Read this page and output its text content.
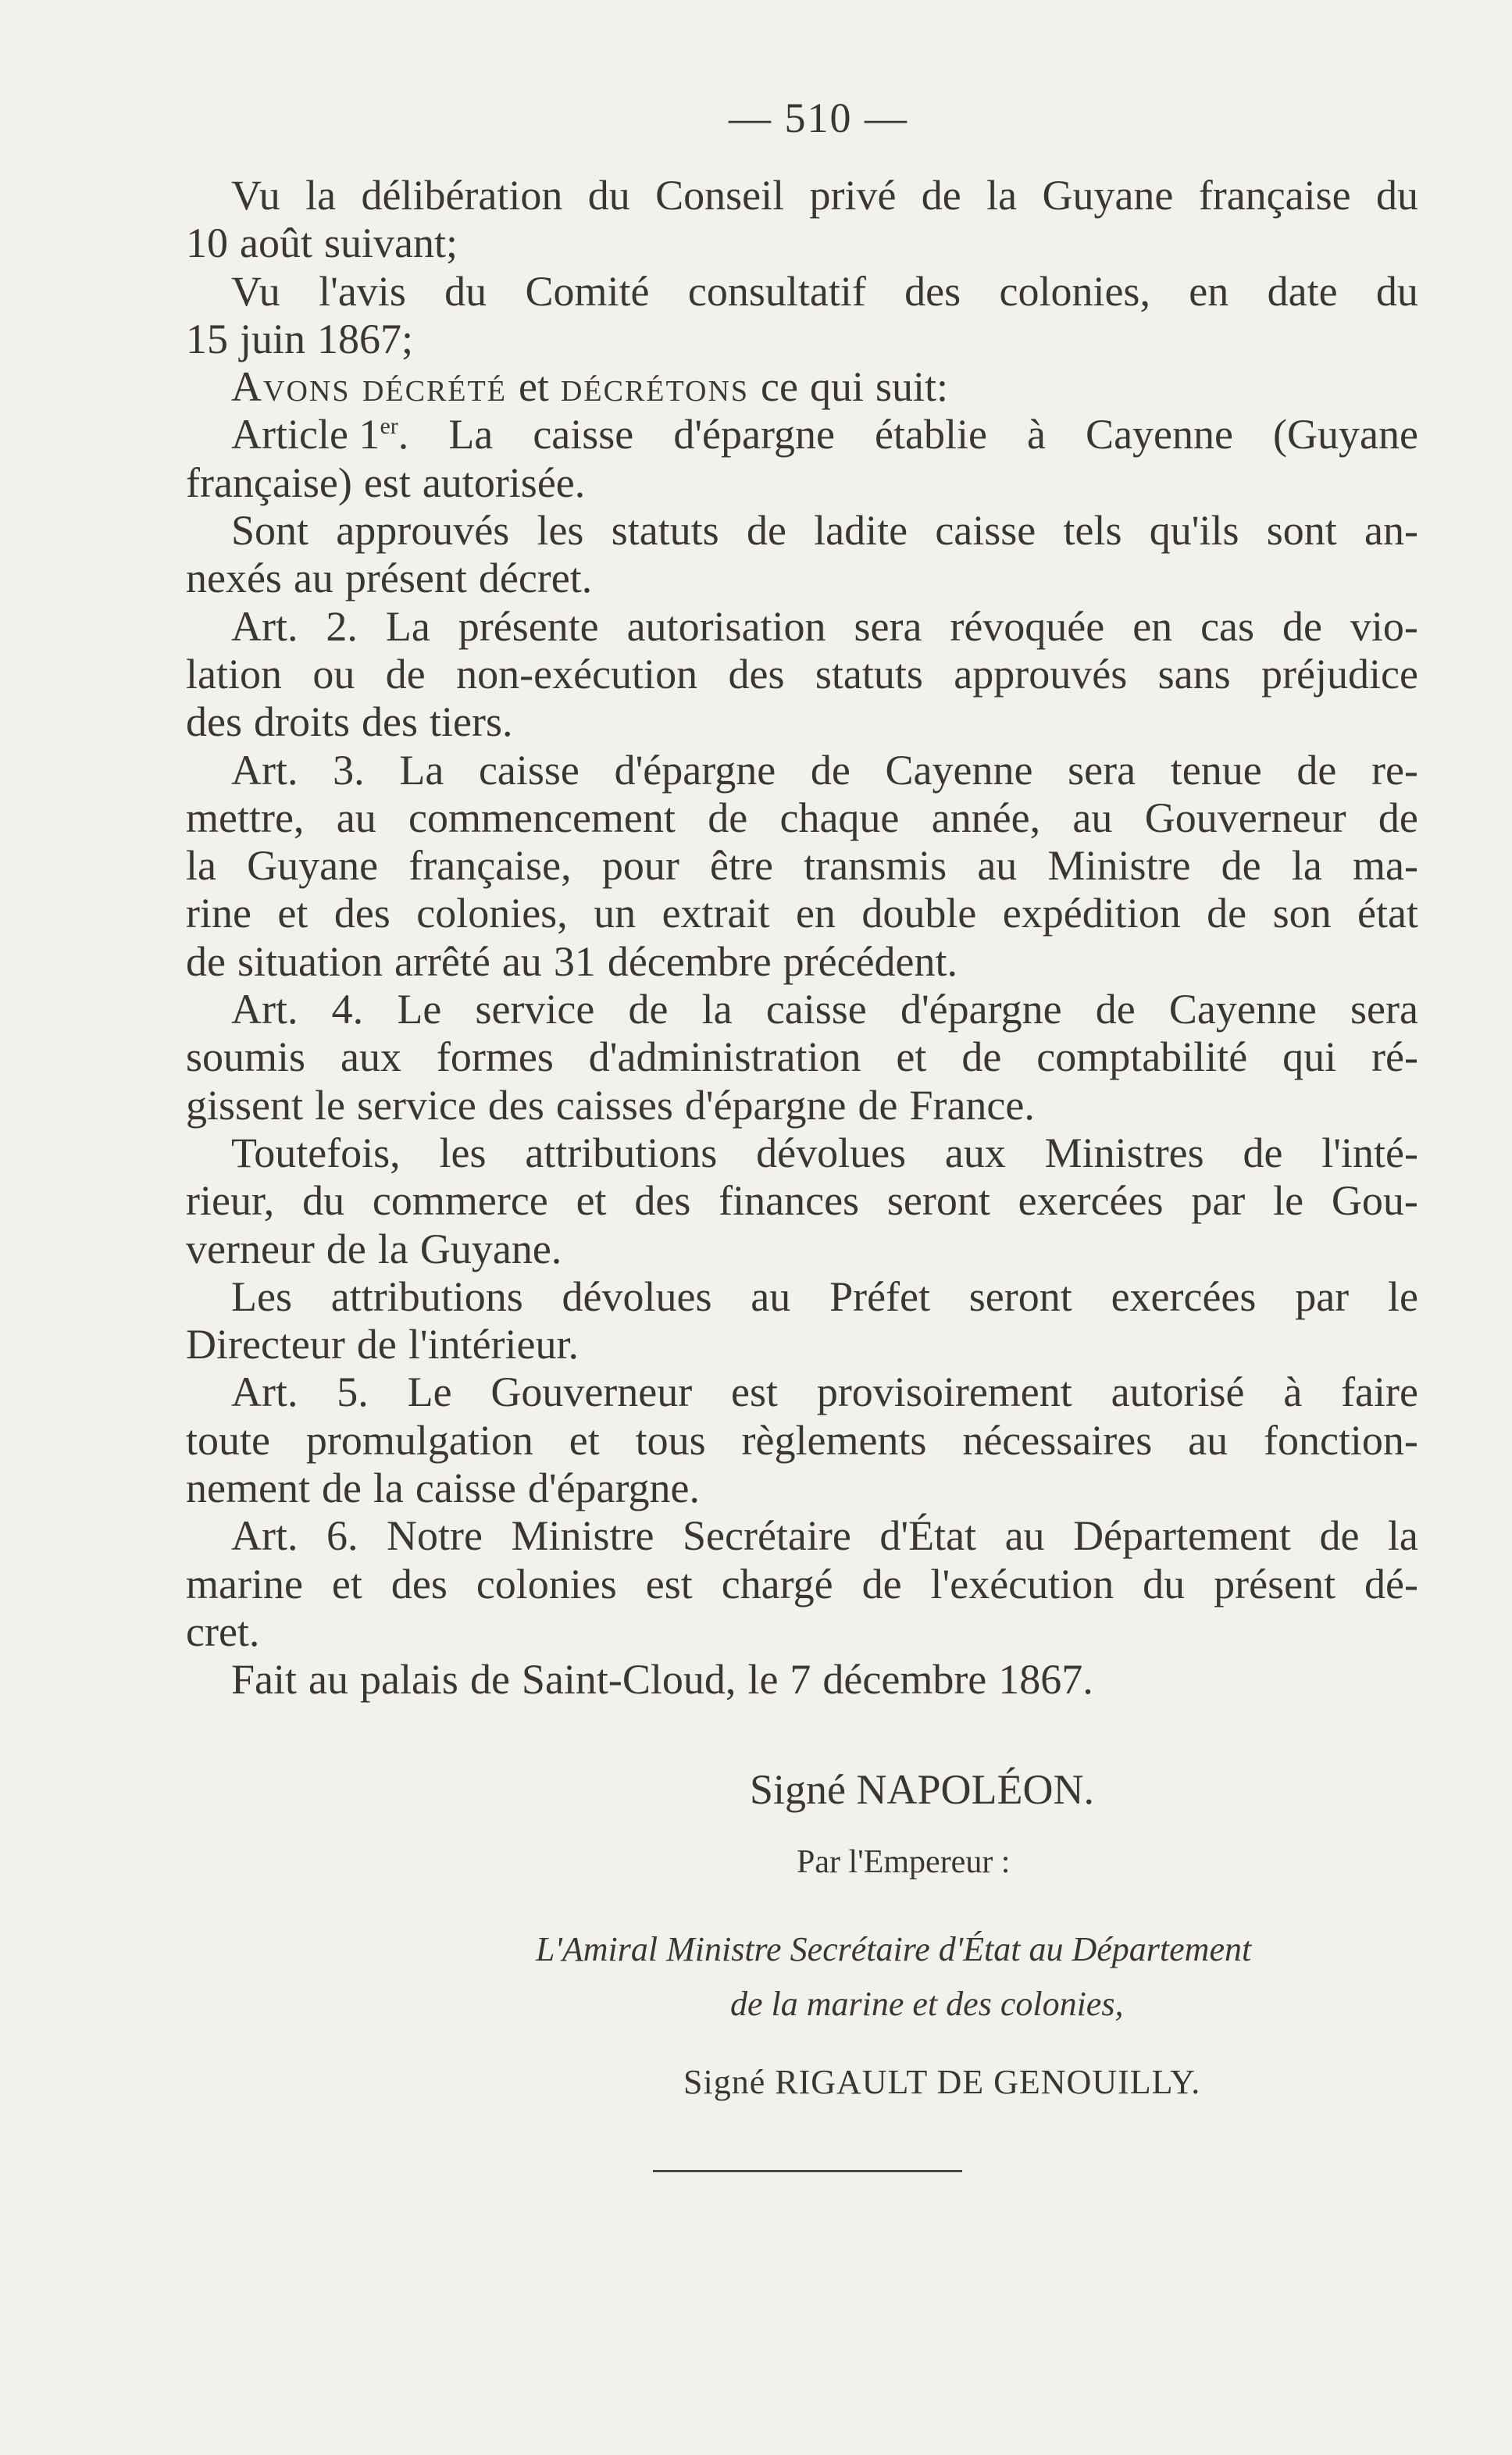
— 510 —
Vu la délibération du Conseil privé de la Guyane française du
10 août suivant;
Vu l'avis du Comité consultatif des colonies, en date du
15 juin 1867;
Avons décrété et décrétons ce qui suit:
Article 1er. La caisse d'épargne établie à Cayenne (Guyane
française) est autorisée.
Sont approuvés les statuts de ladite caisse tels qu'ils sont an-
nexés au présent décret.
Art. 2. La présente autorisation sera révoquée en cas de vio-
lation ou de non-exécution des statuts approuvés sans préjudice
des droits des tiers.
Art. 3. La caisse d'épargne de Cayenne sera tenue de re-
mettre, au commencement de chaque année, au Gouverneur de
la Guyane française, pour être transmis au Ministre de la ma-
rine et des colonies, un extrait en double expédition de son état
de situation arrêté au 31 décembre précédent.
Art. 4. Le service de la caisse d'épargne de Cayenne sera
soumis aux formes d'administration et de comptabilité qui ré-
gissent le service des caisses d'épargne de France.
Toutefois, les attributions dévolues aux Ministres de l'inté-
rieur, du commerce et des finances seront exercées par le Gou-
verneur de la Guyane.
Les attributions dévolues au Préfet seront exercées par le
Directeur de l'intérieur.
Art. 5. Le Gouverneur est provisoirement autorisé à faire
toute promulgation et tous règlements nécessaires au fonction-
nement de la caisse d'épargne.
Art. 6. Notre Ministre Secrétaire d'État au Département de la
marine et des colonies est chargé de l'exécution du présent dé-
cret.
Fait au palais de Saint-Cloud, le 7 décembre 1867.
Signé NAPOLÉON.
Par l'Empereur :
L'Amiral Ministre Secrétaire d'État au Département
de la marine et des colonies,
Signé RIGAULT DE GENOUILLY.
